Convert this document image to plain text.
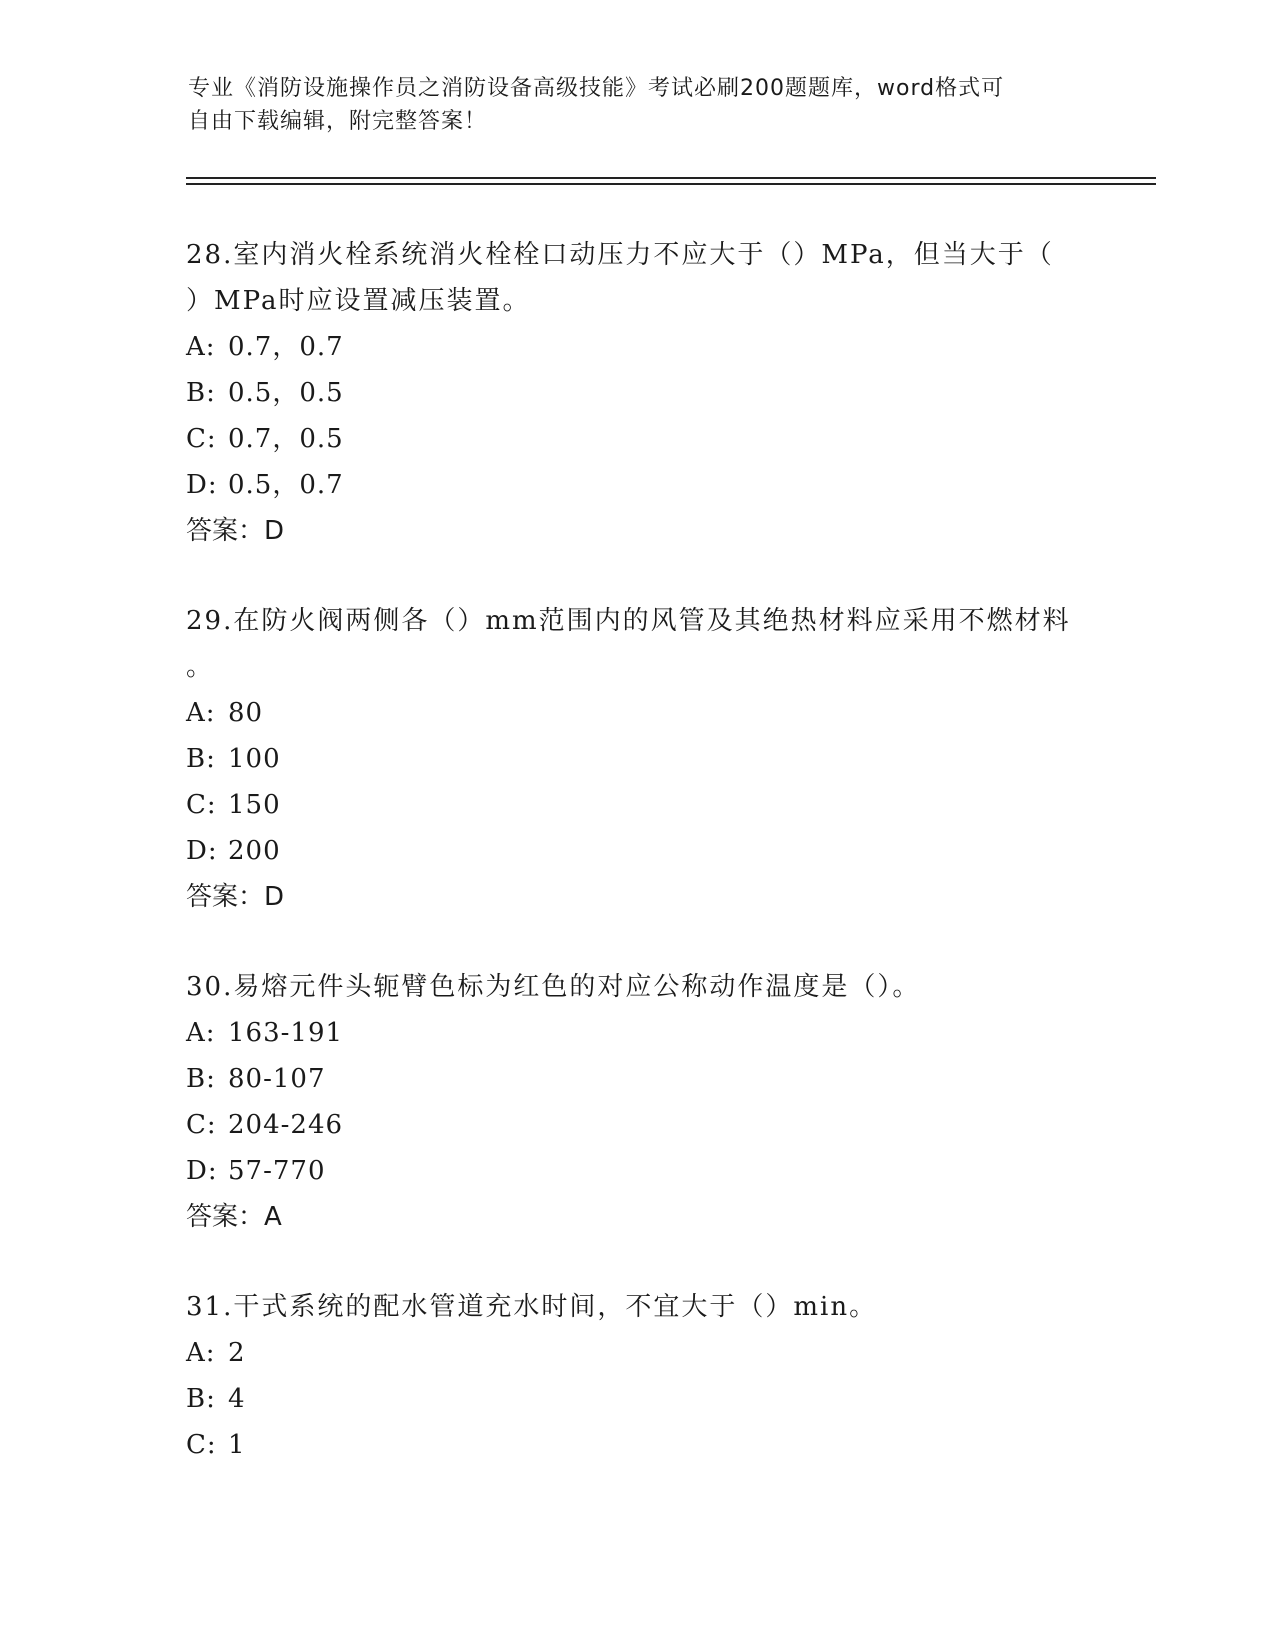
专业《消防设施操作员之消防设备高级技能》考试必刷200题题库，word格式可
自由下载编辑，附完整答案！
28.室内消火栓系统消火栓栓口动压力不应大于（）MPa，但当大于（
）MPa时应设置减压装置。
A: 0.7，0.7
B: 0.5，0.5
C: 0.7，0.5
D: 0.5，0.7
答案：D
29.在防火阀两侧各（）mm范围内的风管及其绝热材料应采用不燃材料
。
A: 80
B: 100
C: 150
D: 200
答案：D
30.易熔元件头轭臂色标为红色的对应公称动作温度是（）。
A: 163-191
B: 80-107
C: 204-246
D: 57-770
答案：A
31.干式系统的配水管道充水时间，不宜大于（）min。
A: 2
B: 4
C: 1
